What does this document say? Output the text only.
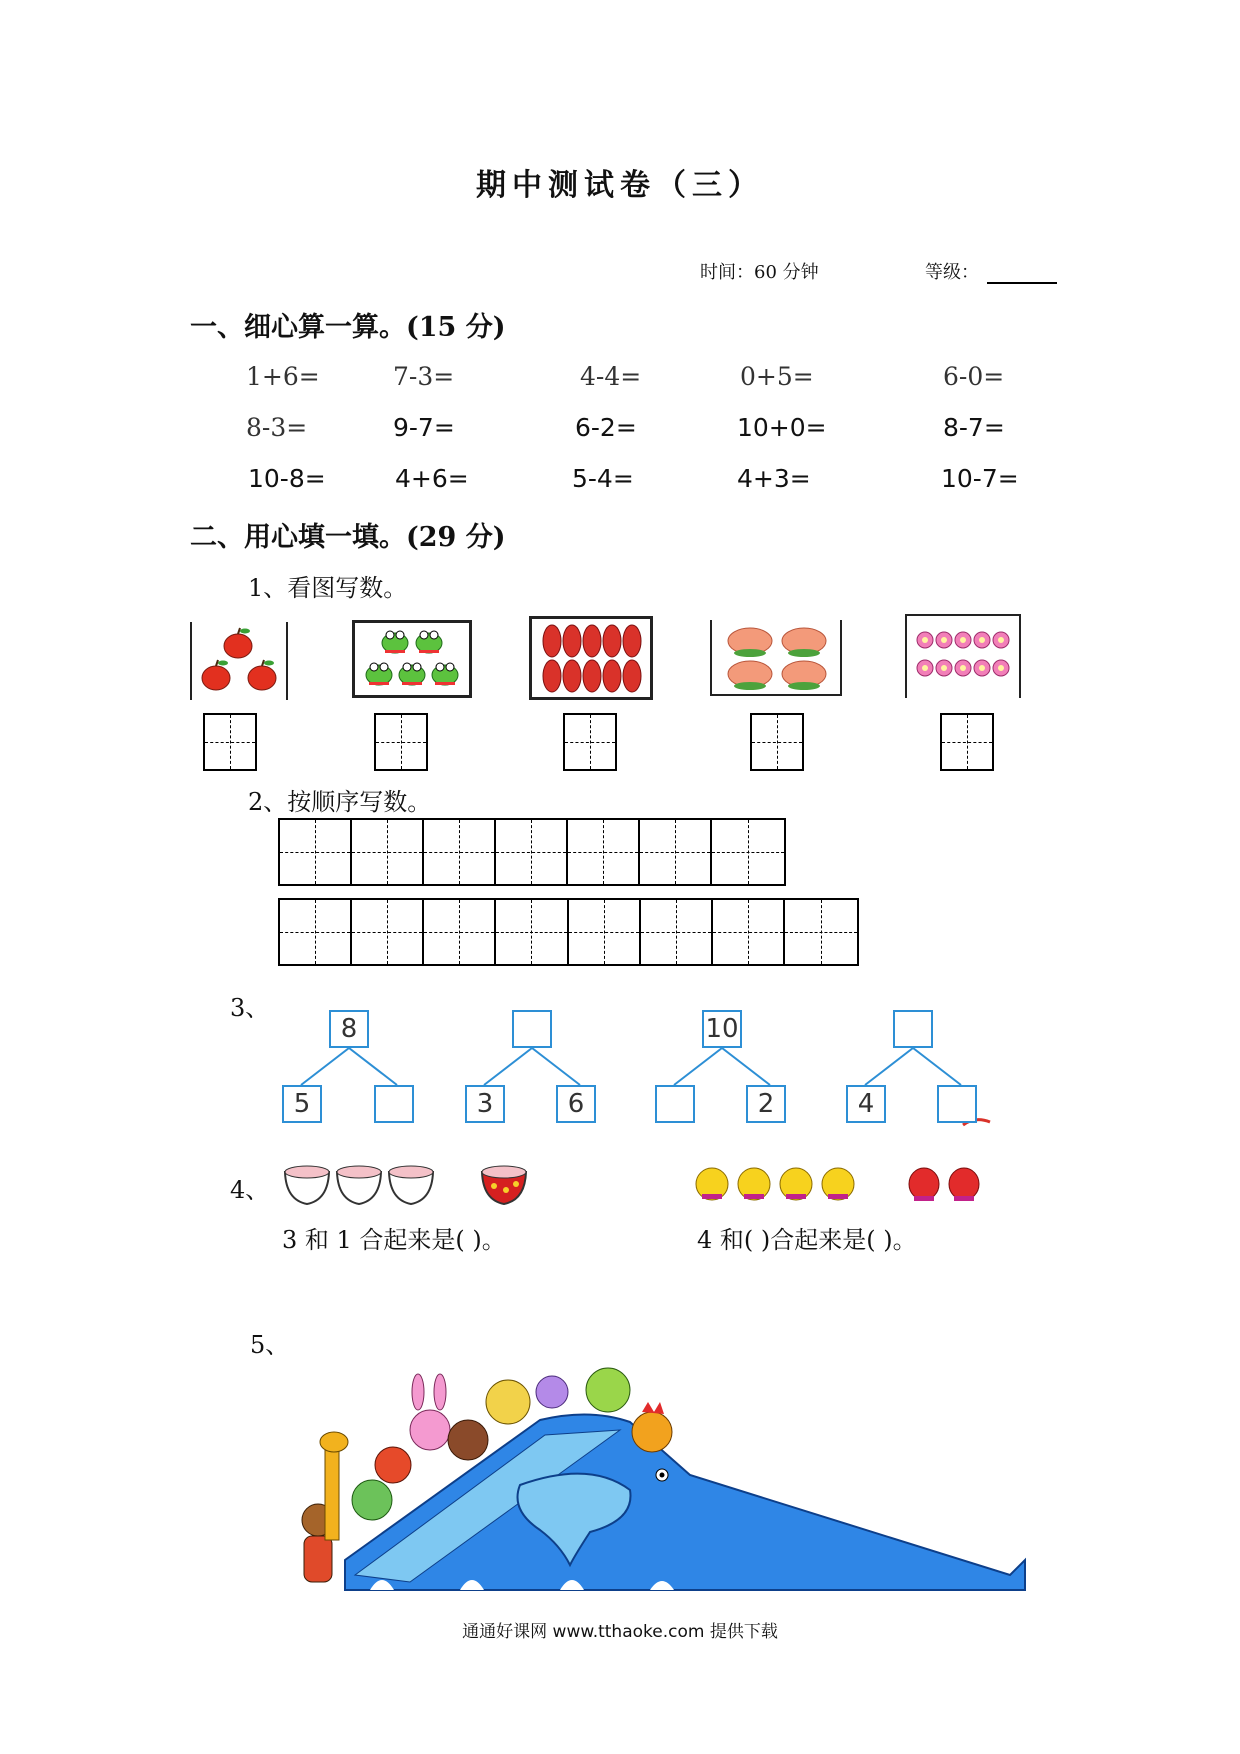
期中测试卷（三）
时间：60 分钟	等级：
一、细心算一算。(15 分)
1+6=	7-3=	4-4=	0+5=	6-0=
8-3=	9-7=	6-2=	10+0=	8-7=
10-8=	4+6=	5-4=	4+3=	10-7=
二、用心填一填。(29 分)
1、看图写数。
2、按顺序写数。
3、
8
5	3	6
10
2	4
4、
3 和 1 合起来是( )。	4 和( )合起来是( )。
5、
通通好课网 www.tthaoke.com 提供下载
